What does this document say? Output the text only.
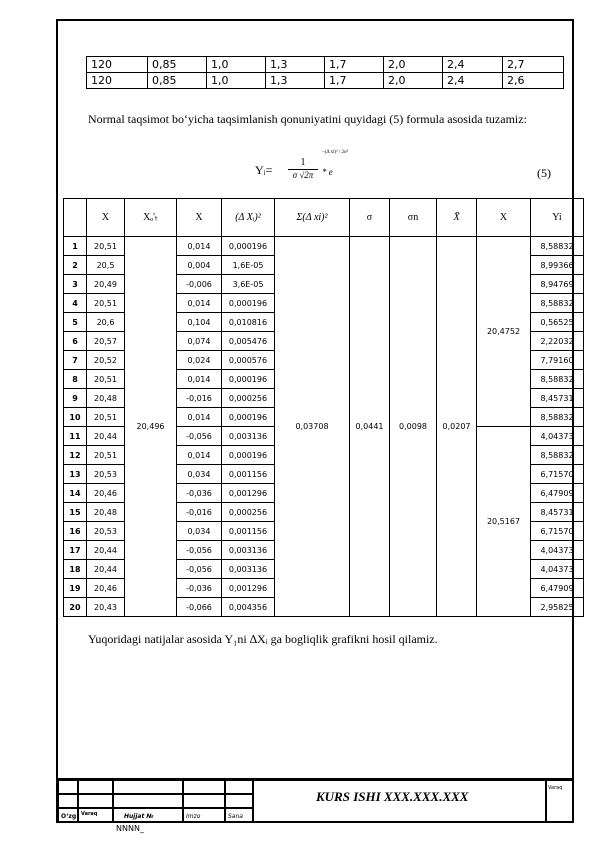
120	0,85	1,0	1,3	1,7	2,0	2,4	2,7
120	0,85	1,0	1,3	1,7	2,0	2,4	2,6
Normal taqsimot bo‘yicha taqsimlanish qonuniyatini quyidagi (5) formula asosida tuzamiz:
Yᵢ= $\frac{1}{\sigma √2\pi}$ * e
−(Δ xi)² / 2σ²
(5)
	X	Xₒ'ₜ	X	(Δ Xᵢ)²	Σ(Δ xi)²	σ	σn	X̄	X	Yi
1	20,51	20,496	0,014	0,000196	0,03708	0,0441	0,0098	0,0207	20,4752	8,58832
2	20,5		0,004	1,6E-05						8,99366
3	20,49		-0,006	3,6E-05						8,94769
4	20,51		0,014	0,000196						8,58832
5	20,6		0,104	0,010816						0,56525
6	20,57		0,074	0,005476						2,22032
7	20,52		0,024	0,000576						7,79160
8	20,51		0,014	0,000196						8,58832
9	20,48		-0,016	0,000256						8,45731
10	20,51		0,014	0,000196						8,58832
11	20,44		-0,056	0,003136					20,5167	4,04373
12	20,51		0,014	0,000196						8,58832
13	20,53		0,034	0,001156						6,71570
14	20,46		-0,036	0,001296						6,47909
15	20,48		-0,016	0,000256						8,45731
16	20,53		0,034	0,001156						6,71570
17	20,44		-0,056	0,003136						4,04373
18	20,44		-0,056	0,003136						4,04373
19	20,46		-0,036	0,001296						6,47909
20	20,43		-0,066	0,004356						2,95825
Yuqoridagi natijalar asosida Y₁ni ∆Xᵢ ga bogliqlik grafikni hosil qilamiz.
O‘zg Varaq	Hujjat №	Imzo	Sana
KURS ISHI XXX.XXX.XXX
Varaq
NNNN_
